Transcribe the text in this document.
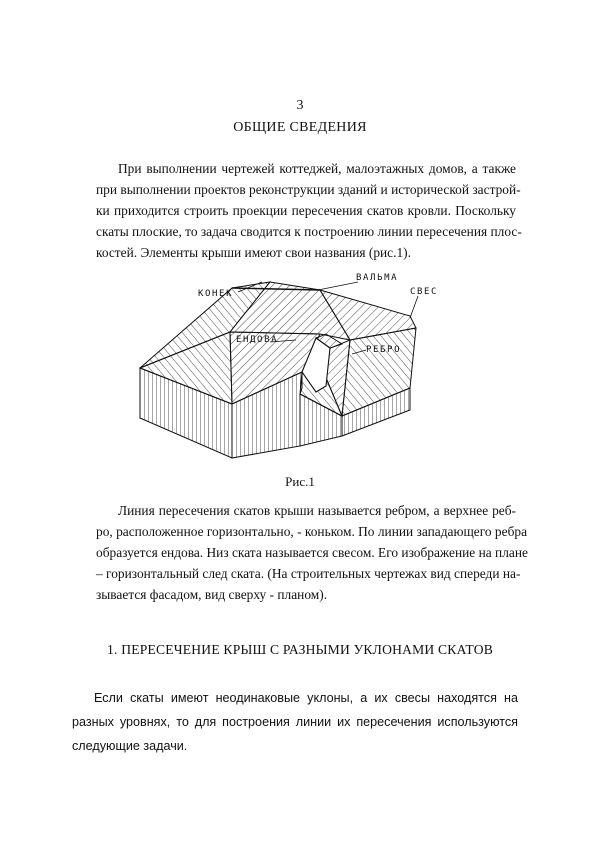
3
ОБЩИЕ СВЕДЕНИЯ
При выполнении чертежей коттеджей, малоэтажных домов, а также
при выполнении проектов реконструкции зданий и исторической застрой-
ки приходится строить проекции пересечения скатов кровли. Поскольку
скаты плоские, то задача сводится к построению линии пересечения плос-
костей. Элементы крыши имеют свои названия (рис.1).
КОНЕК
ВАЛЬМА
СВЕС
ЕНДОВА
РЕБРО
Рис.1
Линия пересечения скатов крыши называется ребром, а верхнее реб-
ро, расположенное горизонтально, - коньком. По линии западающего ребра
образуется ендова. Низ ската называется свесом. Его изображение на плане
– горизонтальный след ската. (На строительных чертежах вид спереди на-
зывается фасадом, вид сверху - планом).
1. ПЕРЕСЕЧЕНИЕ КРЫШ С РАЗНЫМИ УКЛОНАМИ СКАТОВ
Если скаты имеют неодинаковые уклоны, а их свесы находятся на
разных уровнях, то для построения линии их пересечения используются
следующие задачи.
